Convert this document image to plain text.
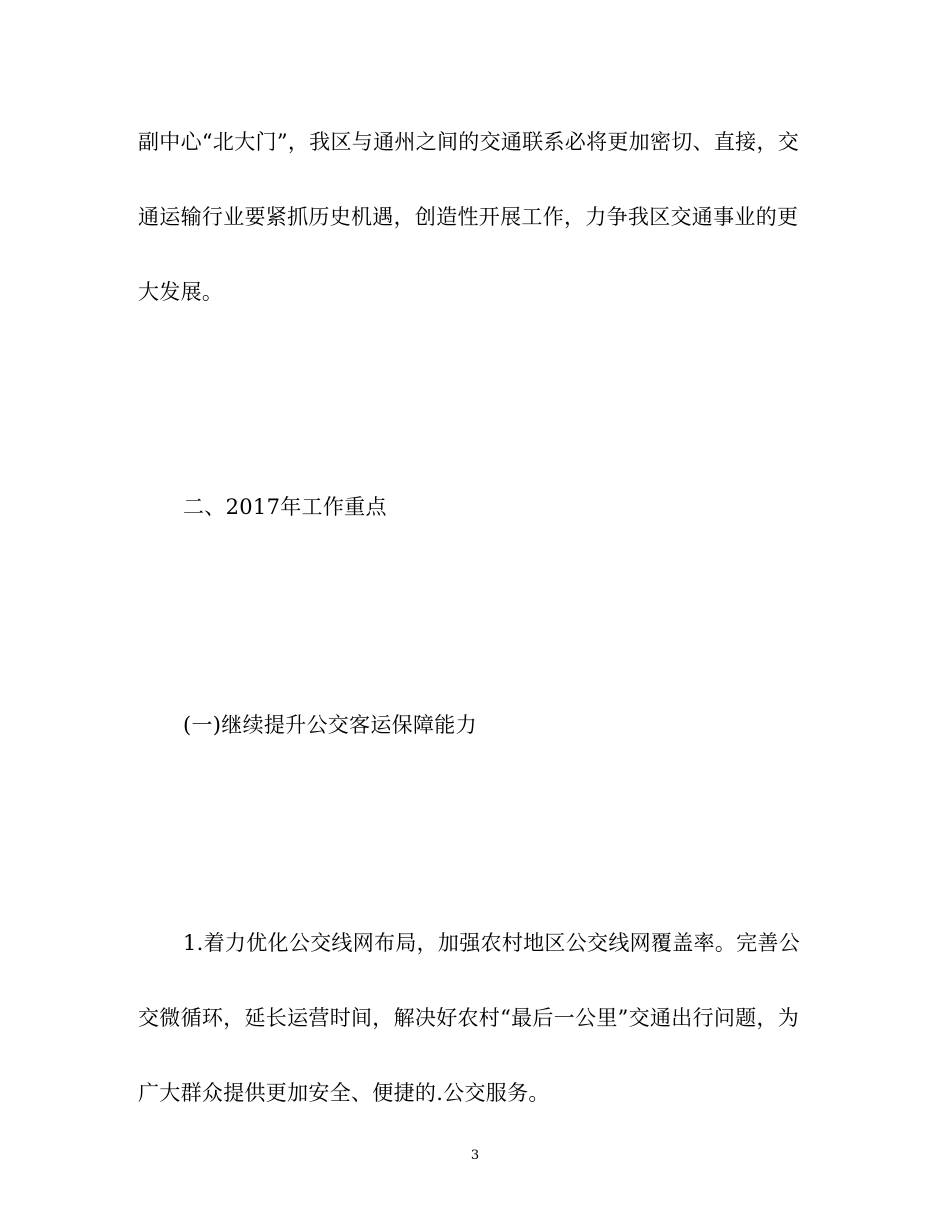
副中心“北大门”，我区与通州之间的交通联系必将更加密切、直接，交
通运输行业要紧抓历史机遇，创造性开展工作，力争我区交通事业的更
大发展。
二、2017年工作重点
(一)继续提升公交客运保障能力
1.着力优化公交线网布局，加强农村地区公交线网覆盖率。完善公
交微循环，延长运营时间，解决好农村“最后一公里”交通出行问题，为
广大群众提供更加安全、便捷的.公交服务。
3
